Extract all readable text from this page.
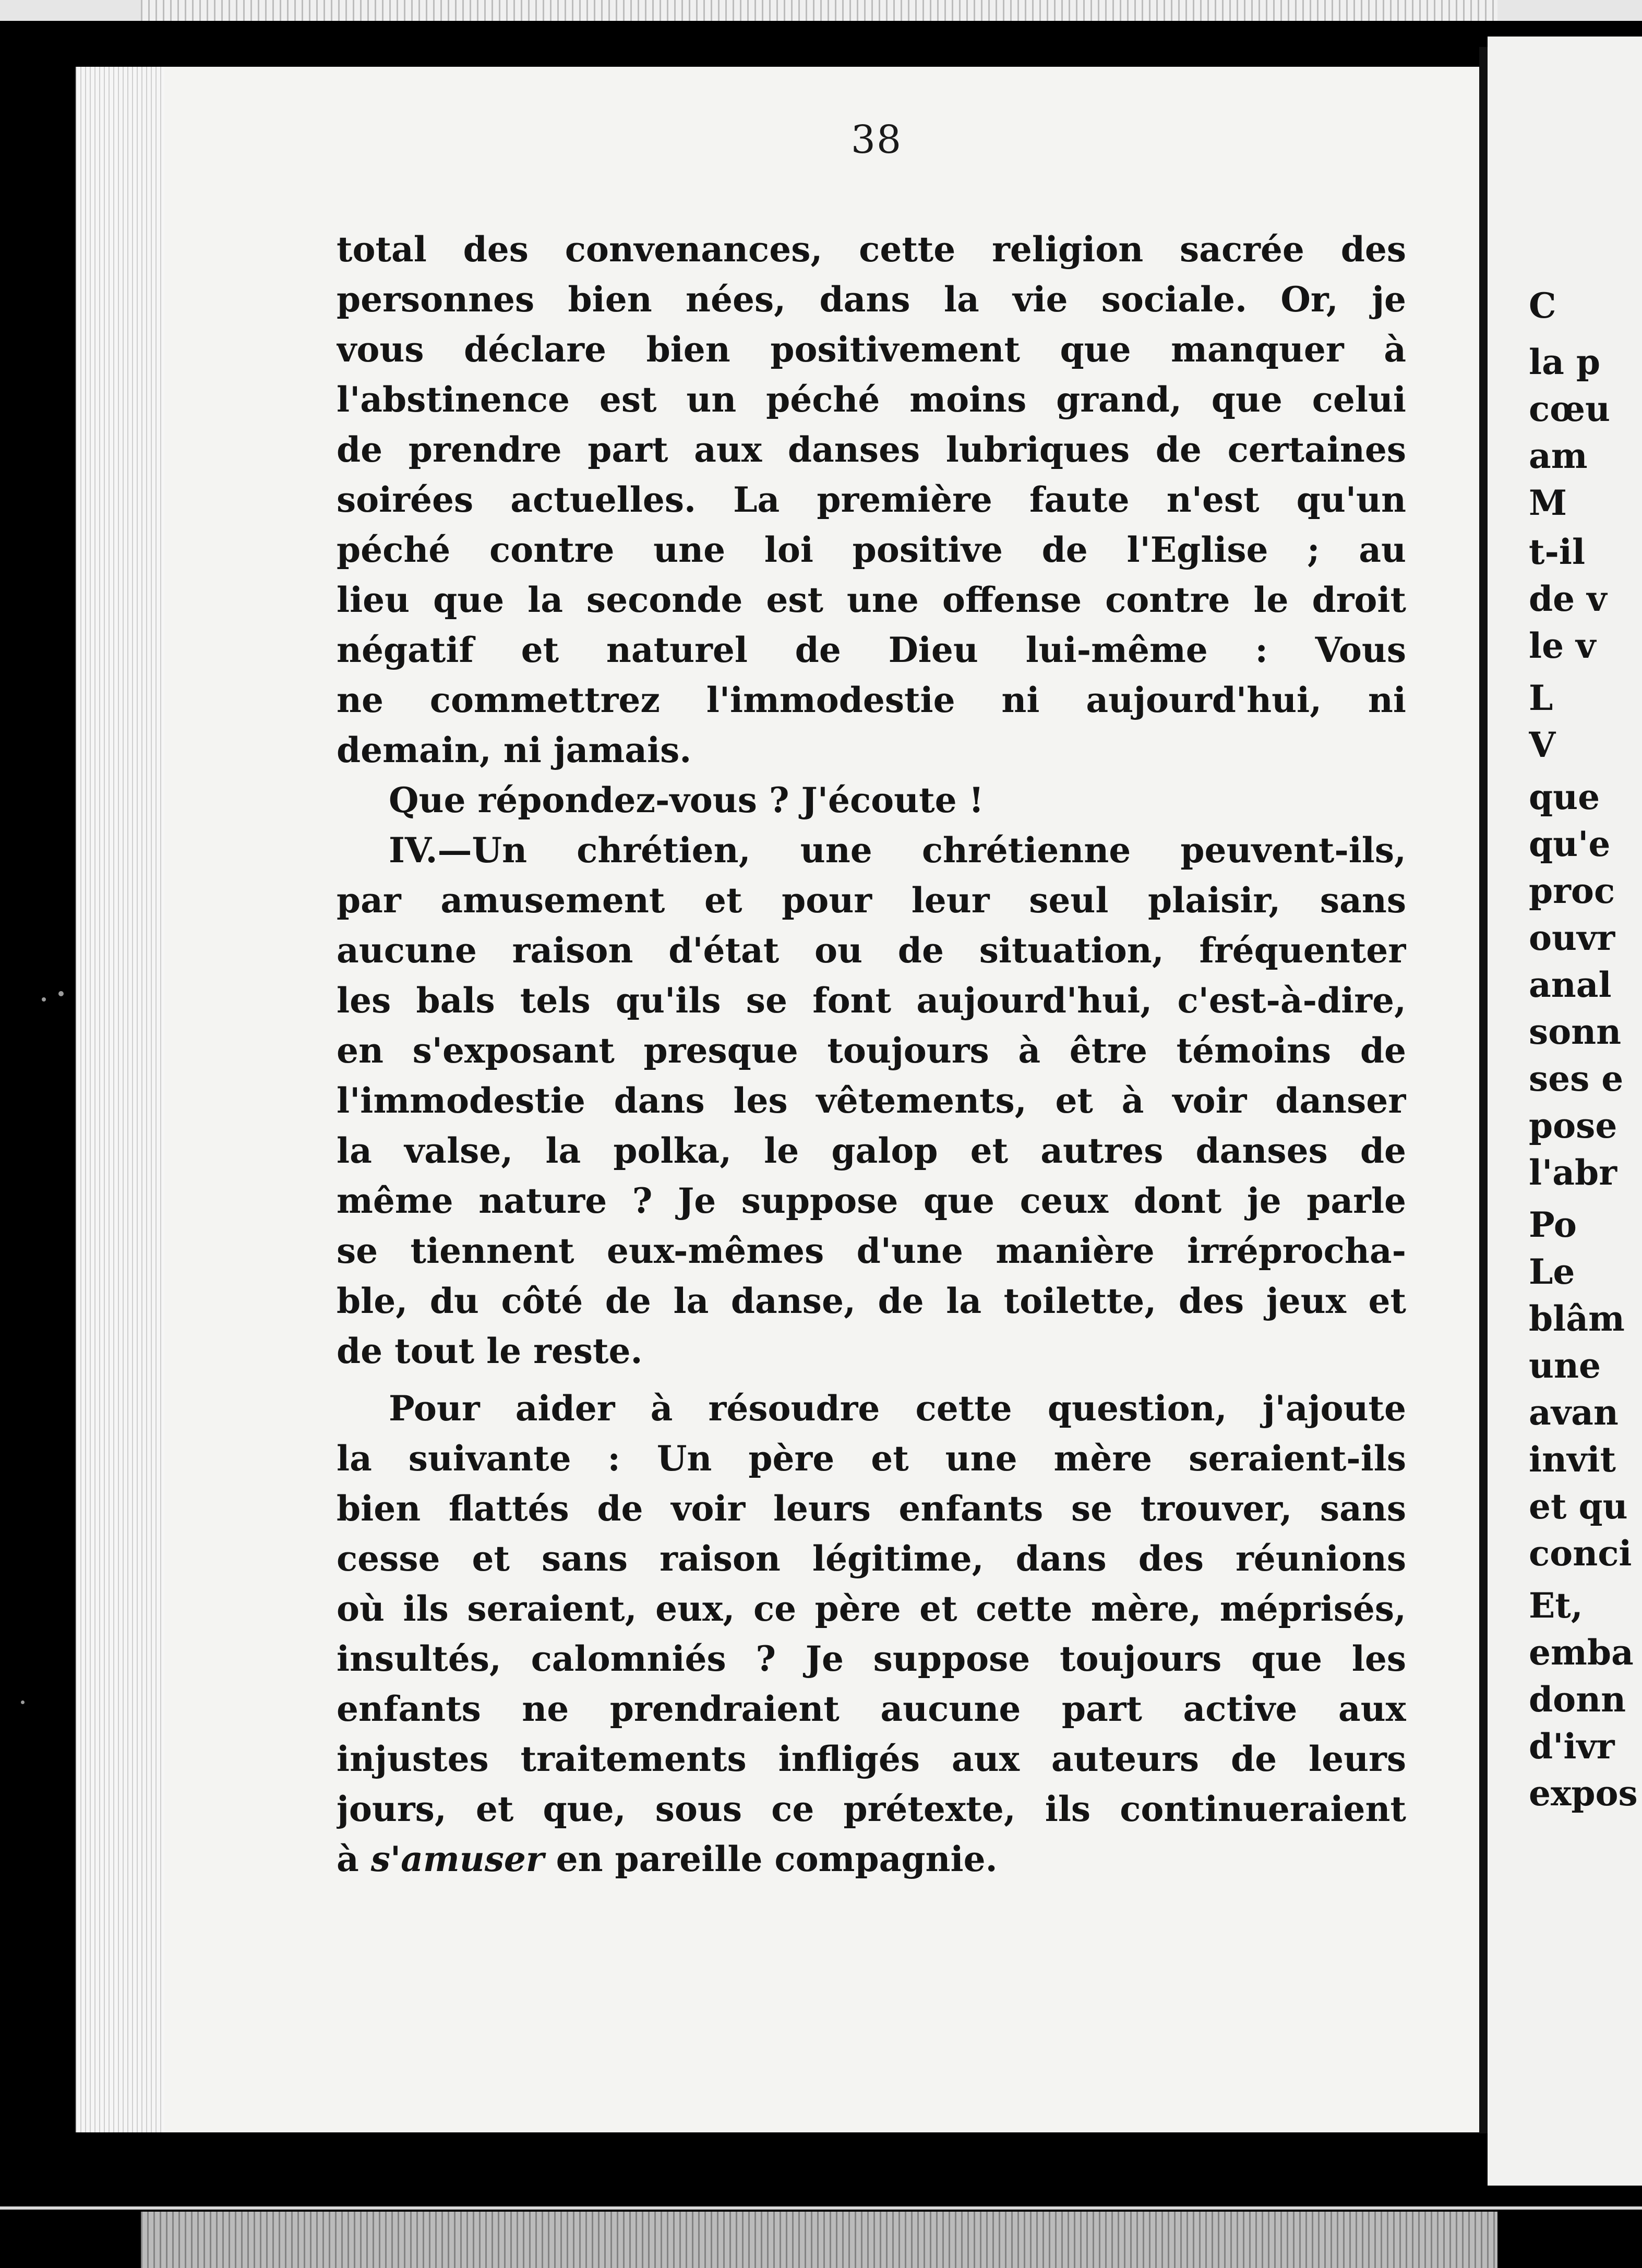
38
total des convenances, cette religion sacrée des
personnes bien nées, dans la vie sociale. Or, je
vous déclare bien positivement que manquer à
l'abstinence est un péché moins grand, que celui
de prendre part aux danses lubriques de certaines
soirées actuelles. La première faute n'est qu'un
péché contre une loi positive de l'Eglise ; au
lieu que la seconde est une offense contre le droit
négatif et naturel de Dieu lui-même : Vous
ne commettrez l'immodestie ni aujourd'hui, ni
demain, ni jamais.
Que répondez-vous ? J'écoute !
IV.—Un chrétien, une chrétienne peuvent-ils,
par amusement et pour leur seul plaisir, sans
aucune raison d'état ou de situation, fréquenter
les bals tels qu'ils se font aujourd'hui, c'est-à-dire,
en s'exposant presque toujours à être témoins de
l'immodestie dans les vêtements, et à voir danser
la valse, la polka, le galop et autres danses de
même nature ? Je suppose que ceux dont je parle
se tiennent eux-mêmes d'une manière irréprocha-
ble, du côté de la danse, de la toilette, des jeux et
de tout le reste.
Pour aider à résoudre cette question, j'ajoute
la suivante : Un père et une mère seraient-ils
bien flattés de voir leurs enfants se trouver, sans
cesse et sans raison légitime, dans des réunions
où ils seraient, eux, ce père et cette mère, méprisés,
insultés, calomniés ? Je suppose toujours que les
enfants ne prendraient aucune part active aux
injustes traitements infligés aux auteurs de leurs
jours, et que, sous ce prétexte, ils continueraient
à s'amuser en pareille compagnie.
C
la p
cœu
am
M
t-il
de v
le v
L
V
que
qu'e
proc
ouvr
anal
sonn
ses e
pose
l'abr
Po
Le
blâm
une
avan
invit
et qu
conci
Et,
emba
donn
d'ivr
expos
